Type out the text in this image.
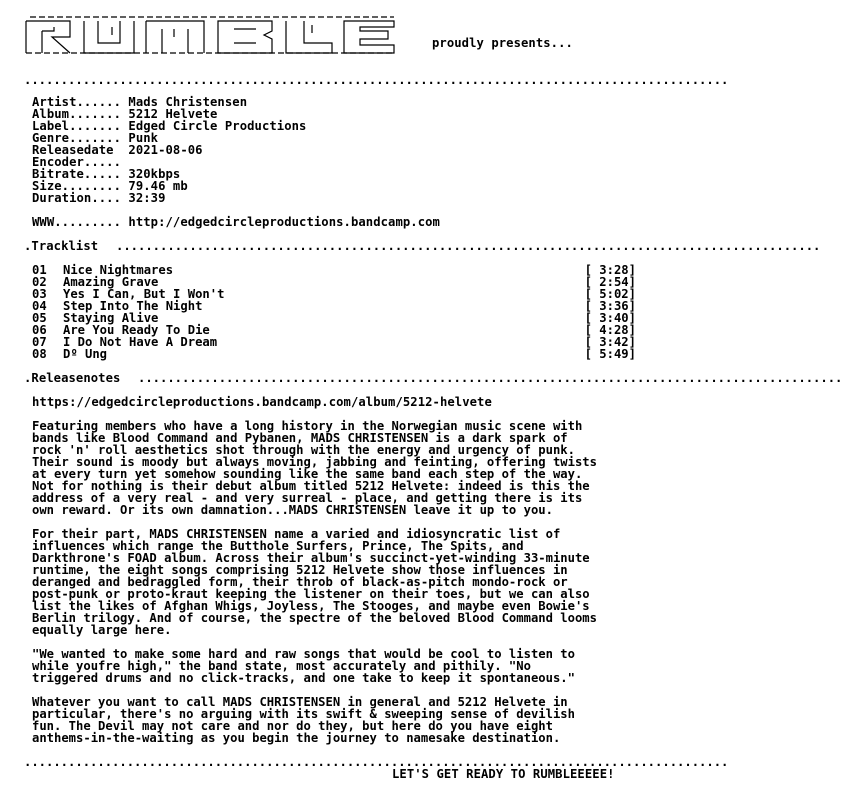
proudly presents...
................................................................................................
Artist...... Mads Christensen
Album....... 5212 Helvete
Label....... Edged Circle Productions
Genre....... Punk
Releasedate  2021-08-06
Encoder.....
Bitrate..... 320kbps
Size........ 79.46 mb
Duration.... 32:39
WWW......... http://edgedcircleproductions.bandcamp.com
.Tracklist ................................................................................................
01 Nice Nightmares	[ 3:28]
02 Amazing Grave	[ 2:54]
03 Yes I Can, But I Won't	[ 5:02]
04 Step Into The Night	[ 3:36]
05 Staying Alive	[ 3:40]
06 Are You Ready To Die	[ 4:28]
07 I Do Not Have A Dream	[ 3:42]
08 Dº Ung	[ 5:49]
.Releasenotes ................................................................................................
https://edgedcircleproductions.bandcamp.com/album/5212-helvete
Featuring members who have a long history in the Norwegian music scene with
bands like Blood Command and Pybanen, MADS CHRISTENSEN is a dark spark of
rock 'n' roll aesthetics shot through with the energy and urgency of punk.
Their sound is moody but always moving, jabbing and feinting, offering twists
at every turn yet somehow sounding like the same band each step of the way.
Not for nothing is their debut album titled 5212 Helvete: indeed is this the
address of a very real - and very surreal - place, and getting there is its
own reward. Or its own damnation...MADS CHRISTENSEN leave it up to you.
For their part, MADS CHRISTENSEN name a varied and idiosyncratic list of
influences which range the Butthole Surfers, Prince, The Spits, and
Darkthrone's FOAD album. Across their album's succinct-yet-winding 33-minute
runtime, the eight songs comprising 5212 Helvete show those influences in
deranged and bedraggled form, their throb of black-as-pitch mondo-rock or
post-punk or proto-kraut keeping the listener on their toes, but we can also
list the likes of Afghan Whigs, Joyless, The Stooges, and maybe even Bowie's
Berlin trilogy. And of course, the spectre of the beloved Blood Command looms
equally large here.
"We wanted to make some hard and raw songs that would be cool to listen to
while youfre high," the band state, most accurately and pithily. "No
triggered drums and no click-tracks, and one take to keep it spontaneous."
Whatever you want to call MADS CHRISTENSEN in general and 5212 Helvete in
particular, there's no arguing with its swift & sweeping sense of devilish
fun. The Devil may not care and nor do they, but here do you have eight
anthems-in-the-waiting as you begin the journey to namesake destination.
................................................................................................
LET'S GET READY TO RUMBLEEEEE!
